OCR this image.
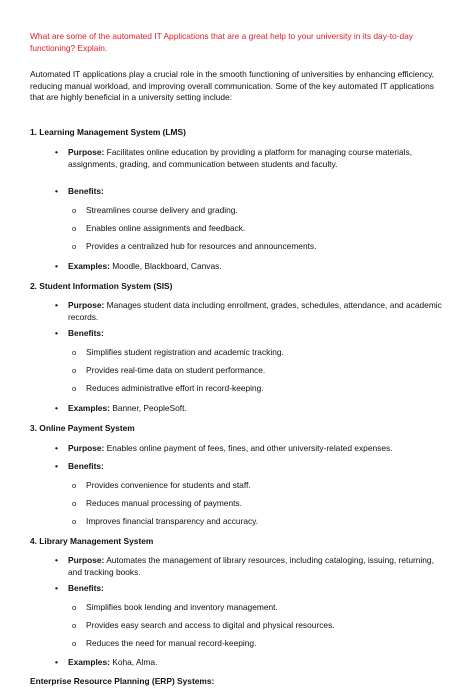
What are some of the automated IT Applications that are a great help to your university in its day-to-day functioning? Explain.
Automated IT applications play a crucial role in the smooth functioning of universities by enhancing efficiency, reducing manual workload, and improving overall communication. Some of the key automated IT applications that are highly beneficial in a university setting include:
1. Learning Management System (LMS)
• Purpose: Facilitates online education by providing a platform for managing course materials, assignments, grading, and communication between students and faculty.
• Benefits:
o Streamlines course delivery and grading.
o Enables online assignments and feedback.
o Provides a centralized hub for resources and announcements.
• Examples: Moodle, Blackboard, Canvas.
2. Student Information System (SIS)
• Purpose: Manages student data including enrollment, grades, schedules, attendance, and academic records.
• Benefits:
o Simplifies student registration and academic tracking.
o Provides real-time data on student performance.
o Reduces administrative effort in record-keeping.
• Examples: Banner, PeopleSoft.
3. Online Payment System
• Purpose: Enables online payment of fees, fines, and other university-related expenses.
• Benefits:
o Provides convenience for students and staff.
o Reduces manual processing of payments.
o Improves financial transparency and accuracy.
4. Library Management System
• Purpose: Automates the management of library resources, including cataloging, issuing, returning, and tracking books.
• Benefits:
o Simplifies book lending and inventory management.
o Provides easy search and access to digital and physical resources.
o Reduces the need for manual record-keeping.
• Examples: Koha, Alma.
Enterprise Resource Planning (ERP) Systems:
